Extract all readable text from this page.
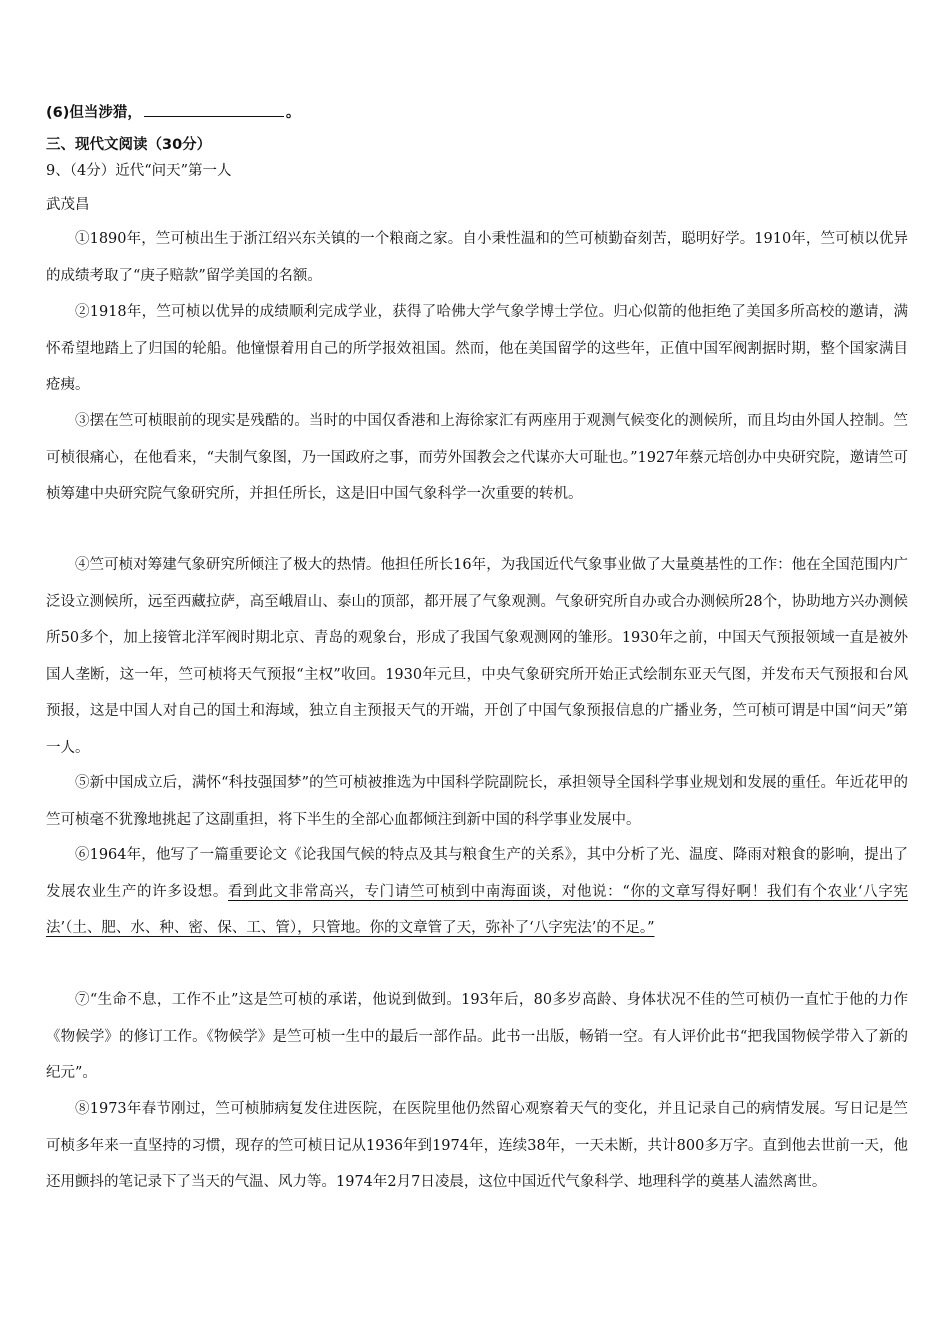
(6)但当涉猎，	。
三、现代文阅读（30分）
9、（4分）近代“问天”第一人
武茂昌
①1890年，竺可桢出生于浙江绍兴东关镇的一个粮商之家。自小秉性温和的竺可桢勤奋刻苦，聪明好学。1910年，竺可桢以优异的成绩考取了“庚子赔款”留学美国的名额。
②1918年，竺可桢以优异的成绩顺利完成学业，获得了哈佛大学气象学博士学位。归心似箭的他拒绝了美国多所高校的邀请，满怀希望地踏上了归国的轮船。他憧憬着用自己的所学报效祖国。然而，他在美国留学的这些年，正值中国军阀割据时期，整个国家满目疮痍。
③摆在竺可桢眼前的现实是残酷的。当时的中国仅香港和上海徐家汇有两座用于观测气候变化的测候所，而且均由外国人控制。竺可桢很痛心，在他看来，“夫制气象图，乃一国政府之事，而劳外国教会之代谋亦大可耻也。”1927年蔡元培创办中央研究院，邀请竺可桢筹建中央研究院气象研究所，并担任所长，这是旧中国气象科学一次重要的转机。
④竺可桢对筹建气象研究所倾注了极大的热情。他担任所长16年，为我国近代气象事业做了大量奠基性的工作：他在全国范围内广泛设立测候所，远至西藏拉萨，高至峨眉山、泰山的顶部，都开展了气象观测。气象研究所自办或合办测候所28个，协助地方兴办测候所50多个，加上接管北洋军阀时期北京、青岛的观象台，形成了我国气象观测网的雏形。1930年之前，中国天气预报领域一直是被外国人垄断，这一年，竺可桢将天气预报“主权”收回。1930年元旦，中央气象研究所开始正式绘制东亚天气图，并发布天气预报和台风预报，这是中国人对自己的国土和海域，独立自主预报天气的开端，开创了中国气象预报信息的广播业务，竺可桢可谓是中国“问天”第一人。
⑤新中国成立后，满怀“科技强国梦”的竺可桢被推选为中国科学院副院长，承担领导全国科学事业规划和发展的重任。年近花甲的竺可桢毫不犹豫地挑起了这副重担，将下半生的全部心血都倾注到新中国的科学事业发展中。
⑥1964年，他写了一篇重要论文《论我国气候的特点及其与粮食生产的关系》，其中分析了光、温度、降雨对粮食的影响，提出了发展农业生产的许多设想。看到此文非常高兴，专门请竺可桢到中南海面谈，对他说：“你的文章写得好啊！我们有个农业‘八字宪法’（土、肥、水、种、密、保、工、管），只管地。你的文章管了天，弥补了‘八字宪法’的不足。”
⑦“生命不息，工作不止”这是竺可桢的承诺，他说到做到。193年后，80多岁高龄、身体状况不佳的竺可桢仍一直忙于他的力作《物候学》的修订工作。《物候学》是竺可桢一生中的最后一部作品。此书一出版，畅销一空。有人评价此书“把我国物候学带入了新的纪元”。
⑧1973年春节刚过，竺可桢肺病复发住进医院，在医院里他仍然留心观察着天气的变化，并且记录自己的病情发展。写日记是竺可桢多年来一直坚持的习惯，现存的竺可桢日记从1936年到1974年，连续38年，一天未断，共计800多万字。直到他去世前一天，他还用颤抖的笔记录下了当天的气温、风力等。1974年2月7日凌晨，这位中国近代气象科学、地理科学的奠基人溘然离世。
